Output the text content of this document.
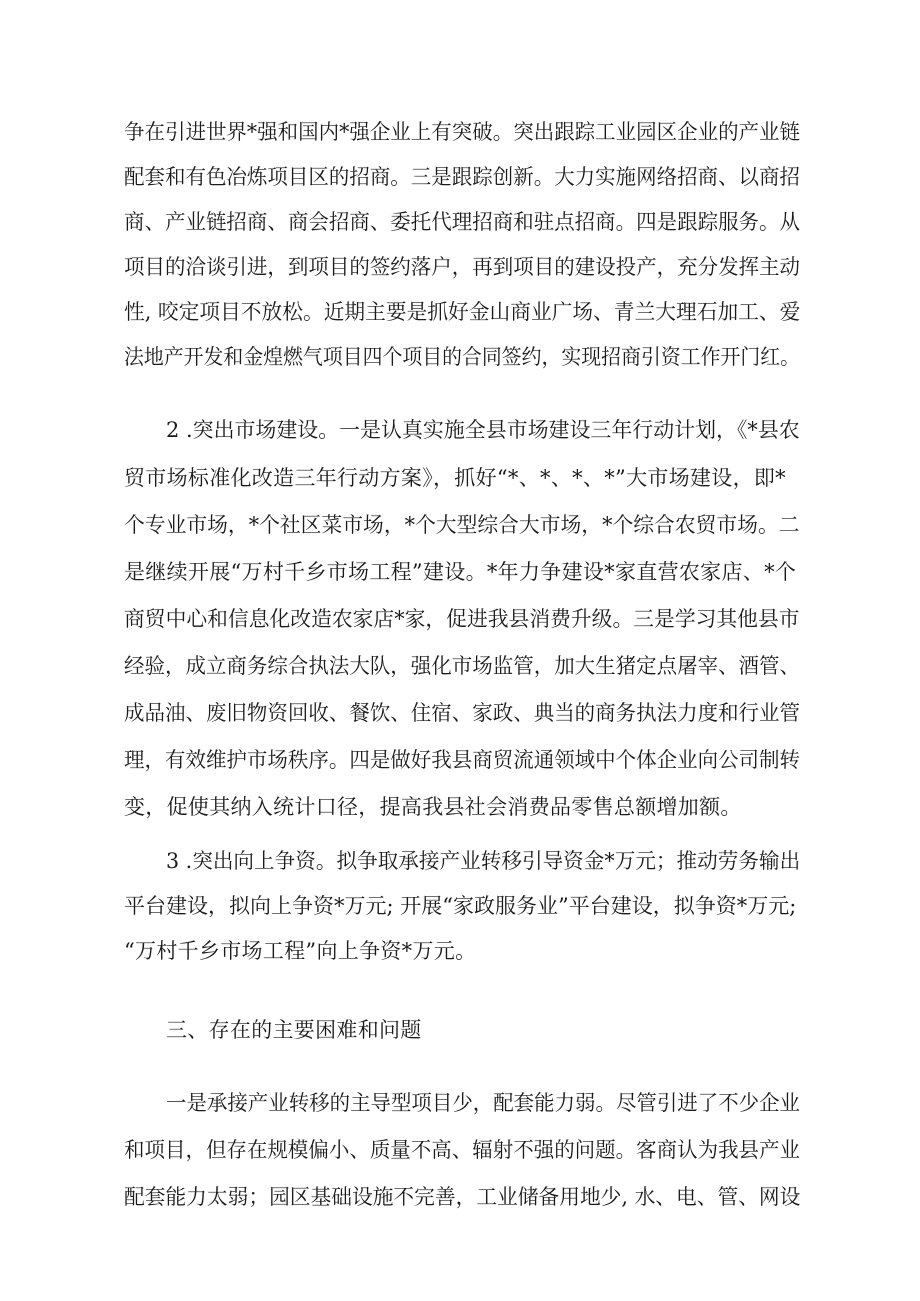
争在引进世界*强和国内*强企业上有突破。突出跟踪工业园区企业的产业链
配套和有色冶炼项目区的招商。三是跟踪创新。大力实施网络招商、以商招
商、产业链招商、商会招商、委托代理招商和驻点招商。四是跟踪服务。从
项目的洽谈引进，到项目的签约落户，再到项目的建设投产，充分发挥主动
性, 咬定项目不放松。近期主要是抓好金山商业广场、青兰大理石加工、爱
法地产开发和金煌燃气项目四个项目的合同签约，实现招商引资工作开门红。
2 .突出市场建设。一是认真实施全县市场建设三年行动计划，《*县农
贸市场标准化改造三年行动方案》，抓好“*、*、*、*”大市场建设，即*
个专业市场，*个社区菜市场，*个大型综合大市场，*个综合农贸市场。二
是继续开展“万村千乡市场工程”建设。*年力争建设*家直营农家店、*个
商贸中心和信息化改造农家店*家，促进我县消费升级。三是学习其他县市
经验，成立商务综合执法大队，强化市场监管，加大生猪定点屠宰、酒管、
成品油、废旧物资回收、餐饮、住宿、家政、典当的商务执法力度和行业管
理，有效维护市场秩序。四是做好我县商贸流通领域中个体企业向公司制转
变，促使其纳入统计口径，提高我县社会消费品零售总额增加额。
3 .突出向上争资。拟争取承接产业转移引导资金*万元；推动劳务输出
平台建设，拟向上争资*万元; 开展“家政服务业”平台建设，拟争资*万元;
“万村千乡市场工程”向上争资*万元。
三、存在的主要困难和问题
一是承接产业转移的主导型项目少，配套能力弱。尽管引进了不少企业
和项目，但存在规模偏小、质量不高、辐射不强的问题。客商认为我县产业
配套能力太弱；园区基础设施不完善，工业储备用地少, 水、电、管、网设
